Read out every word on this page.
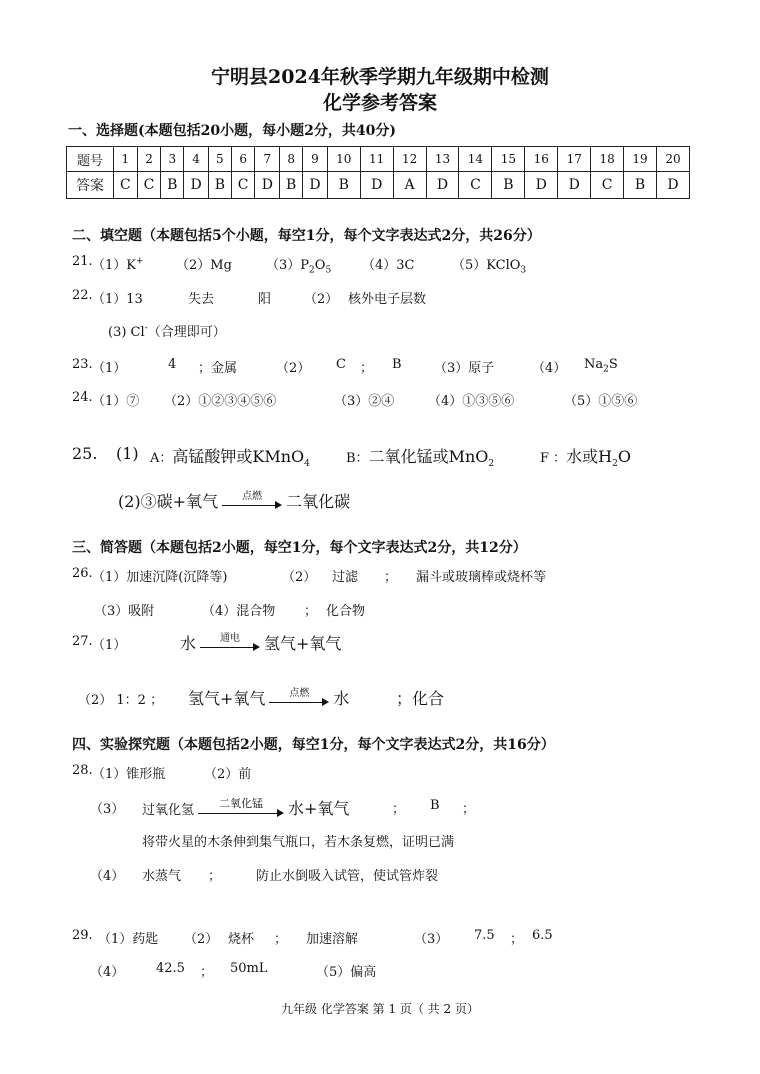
宁明县2024年秋季学期九年级期中检测
化学参考答案
一、选择题(本题包括20小题，每小题2分，共40分)
题号	1	2	3	4	5	6	7	8	9	10	11	12	13	14	15	16	17	18	19	20
答案	C	C	B	D	B	C	D	B	D	B	D	A	D	C	B	D	D	C	B	D
二、填空题（本题包括5个小题，每空1分，每个文字表达式2分，共26分）
21. （1）K+ （2）Mg	$(3)P_2O_5$ （4）3C	（5）KClO$_3$
22. （1）13	失去	阳	（2） 核外电子层数
(3) Cl-（合理即可）
23. （1）	4 ；金属	（2） C ； B （3）原子	（4） $Na_2S$
24. （1）⑦ （2）①②③④⑤⑥	（3）②④	（4）①③⑤⑥	（5）①⑤⑥
25. (1) A：高锰酸钾或KMnO$_4$	B：二氧化锰或MnO$_2$	F ：水或$H_2O$
(2)③碳+氧气	点燃	二氧化碳
三、简答题（本题包括2小题，每空1分，每个文字表达式2分，共12分）
26. （1）加速沉降(沉降等)	（2） 过滤 ； 漏斗或玻璃棒或烧杯等
（3）吸附	（4）混合物 ； 化合物
27. （1）	水	通电	氢气+氧气
（2） 1：2 ； 氢气+氧气	点燃	水	；化合
四、实验探究题（本题包括2小题，每空1分，每个文字表达式2分，共16分）
28. （1）锥形瓶	（2）前
（3） 过氧化氢	二氧化锰	水+氧气	； B ；
将带火星的木条伸到集气瓶口，若木条复燃，证明已满
（4） 水蒸气 ；	防止水倒吸入试管，使试管炸裂
29. （1）药匙 （2） 烧杯 ； 加速溶解	（3） 7.5 ； 6.5
（4） 42.5 ； 50mL	（5）偏高
九年级 化学答案 第 1 页（ 共 2 页）
